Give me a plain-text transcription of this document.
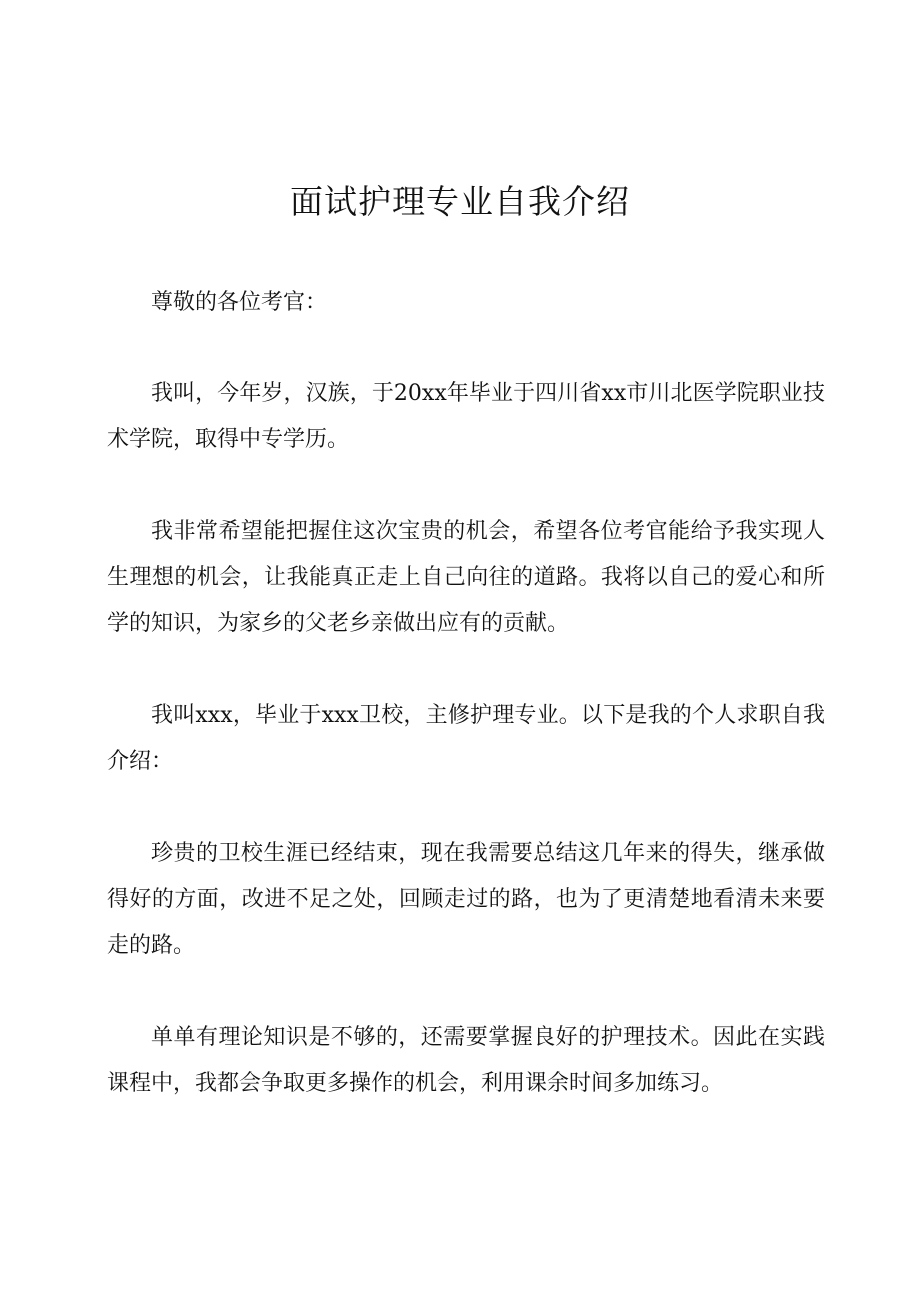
面试护理专业自我介绍

尊敬的各位考官：

我叫，今年岁，汉族，于20xx年毕业于四川省xx市川北医学院职业技术学院，取得中专学历。

我非常希望能把握住这次宝贵的机会，希望各位考官能给予我实现人生理想的机会，让我能真正走上自己向往的道路。我将以自己的爱心和所学的知识，为家乡的父老乡亲做出应有的贡献。

我叫xxx，毕业于xxx卫校，主修护理专业。以下是我的个人求职自我介绍：

珍贵的卫校生涯已经结束，现在我需要总结这几年来的得失，继承做得好的方面，改进不足之处，回顾走过的路，也为了更清楚地看清未来要走的路。

单单有理论知识是不够的，还需要掌握良好的护理技术。因此在实践课程中，我都会争取更多操作的机会，利用课余时间多加练习。
